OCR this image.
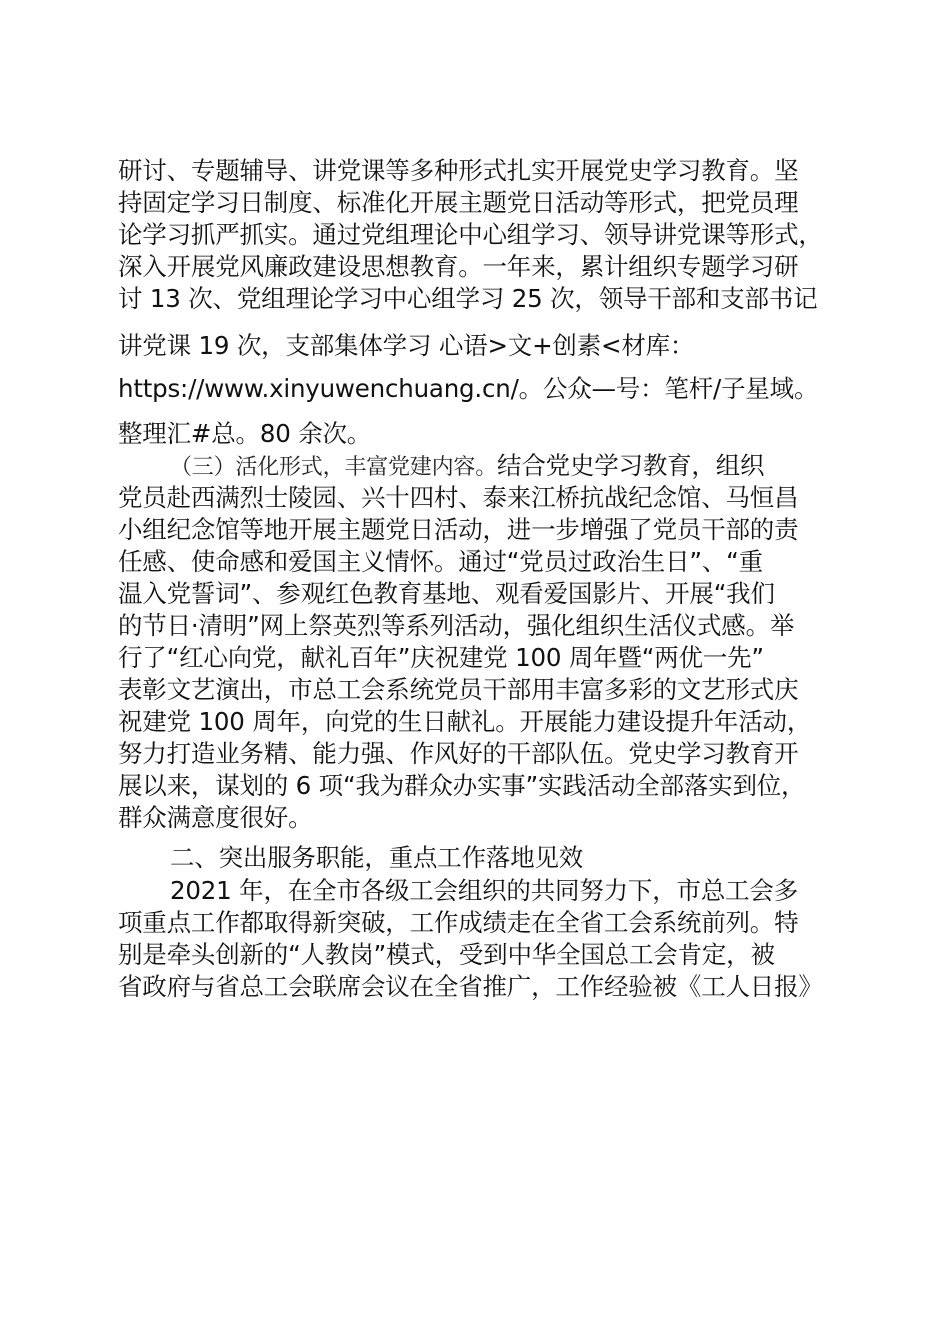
研讨、专题辅导、讲党课等多种形式扎实开展党史学习教育。坚
持固定学习日制度、标准化开展主题党日活动等形式，把党员理
论学习抓严抓实。通过党组理论中心组学习、领导讲党课等形式，
深入开展党风廉政建设思想教育。一年来，累计组织专题学习研
讨 13 次、党组理论学习中心组学习 25 次，领导干部和支部书记
讲党课 19 次，支部集体学习 心语>文+创素<材库：
https://www.xinyuwenchuang.cn/。公众—号：笔杆/子星域。
整理汇#总。80 余次。
（三）活化形式，丰富党建内容。结合党史学习教育，组织
党员赴西满烈士陵园、兴十四村、泰来江桥抗战纪念馆、马恒昌
小组纪念馆等地开展主题党日活动，进一步增强了党员干部的责
任感、使命感和爱国主义情怀。通过“党员过政治生日”、“重
温入党誓词”、参观红色教育基地、观看爱国影片、开展“我们
的节日·清明”网上祭英烈等系列活动，强化组织生活仪式感。举
行了“红心向党，献礼百年”庆祝建党 100 周年暨“两优一先”
表彰文艺演出，市总工会系统党员干部用丰富多彩的文艺形式庆
祝建党 100 周年，向党的生日献礼。开展能力建设提升年活动，
努力打造业务精、能力强、作风好的干部队伍。党史学习教育开
展以来，谋划的 6 项“我为群众办实事”实践活动全部落实到位，
群众满意度很好。
二、突出服务职能，重点工作落地见效
2021 年，在全市各级工会组织的共同努力下，市总工会多
项重点工作都取得新突破，工作成绩走在全省工会系统前列。特
别是牵头创新的“人教岗”模式，受到中华全国总工会肯定，被
省政府与省总工会联席会议在全省推广，工作经验被《工人日报》
